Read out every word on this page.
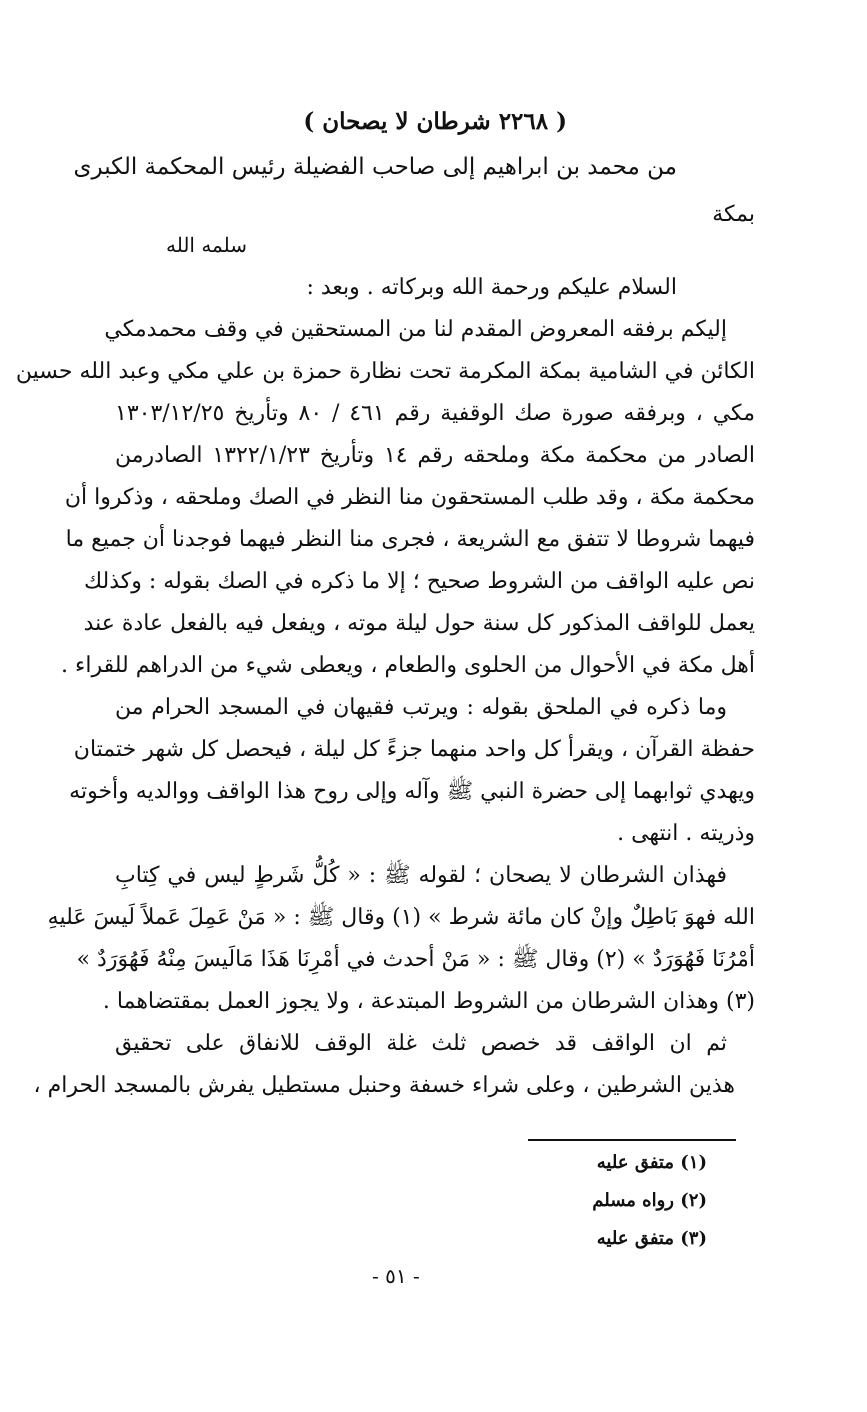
( ٢٢٦٨ شرطان لا يصحان )
من محمد بن ابراهيم إلى صاحب الفضيلة رئيس المحكمة الكبرى
بمكة
سلمه الله
السلام عليكم ورحمة الله وبركاته . وبعد :
إليكم برفقه المعروض المقدم لنا من المستحقين في وقف محمدمكي
الكائن في الشامية بمكة المكرمة تحت نظارة حمزة بن علي مكي وعبد الله حسين
مكي ، وبرفقه صورة صك الوقفية رقم ٤٦١ / ٨٠ وتأريخ ١٣٠٣/١٢/٢٥
الصادر من محكمة مكة وملحقه رقم ١٤ وتأريخ ١٣٢٢/١/٢٣ الصادرمن
محكمة مكة ، وقد طلب المستحقون منا النظر في الصك وملحقه ، وذكروا أن
فيهما شروطا لا تتفق مع الشريعة ، فجرى منا النظر فيهما فوجدنا أن جميع ما
نص عليه الواقف من الشروط صحيح ؛ إلا ما ذكره في الصك بقوله : وكذلك
يعمل للواقف المذكور كل سنة حول ليلة موته ، ويفعل فيه بالفعل عادة عند
أهل مكة في الأحوال من الحلوى والطعام ، ويعطى شيء من الدراهم للقراء .
وما ذكره في الملحق بقوله : ويرتب فقيهان في المسجد الحرام من
حفظة القرآن ، ويقرأ كل واحد منهما جزءً كل ليلة ، فيحصل كل شهر ختمتان
ويهدي ثوابهما إلى حضرة النبي ﷺ وآله وإلى روح هذا الواقف ووالديه وأخوته
وذريته . انتهى .
فهذان الشرطان لا يصحان ؛ لقوله ﷺ : « كُلُّ شَرطٍ ليس في كِتابِ
الله فهوَ بَاطِلٌ وإنْ كان مائة شرط » (١) وقال ﷺ : « مَنْ عَمِلَ عَملاً لَيسَ عَليهِ
أمْرُنَا فَهُوَرَدٌ » (٢) وقال ﷺ : « مَنْ أحدث في أمْرِنَا هَذَا مَالَيسَ مِنْهُ فَهُوَرَدٌ »
(٣) وهذان الشرطان من الشروط المبتدعة ، ولا يجوز العمل بمقتضاهما .
ثم ان الواقف قد خصص ثلث غلة الوقف للانفاق على تحقيق
هذين الشرطين ، وعلى شراء خسفة وحنبل مستطيل يفرش بالمسجد الحرام ،
(١) متفق عليه
(٢) رواه مسلم
(٣) متفق عليه
- ٥١ -
